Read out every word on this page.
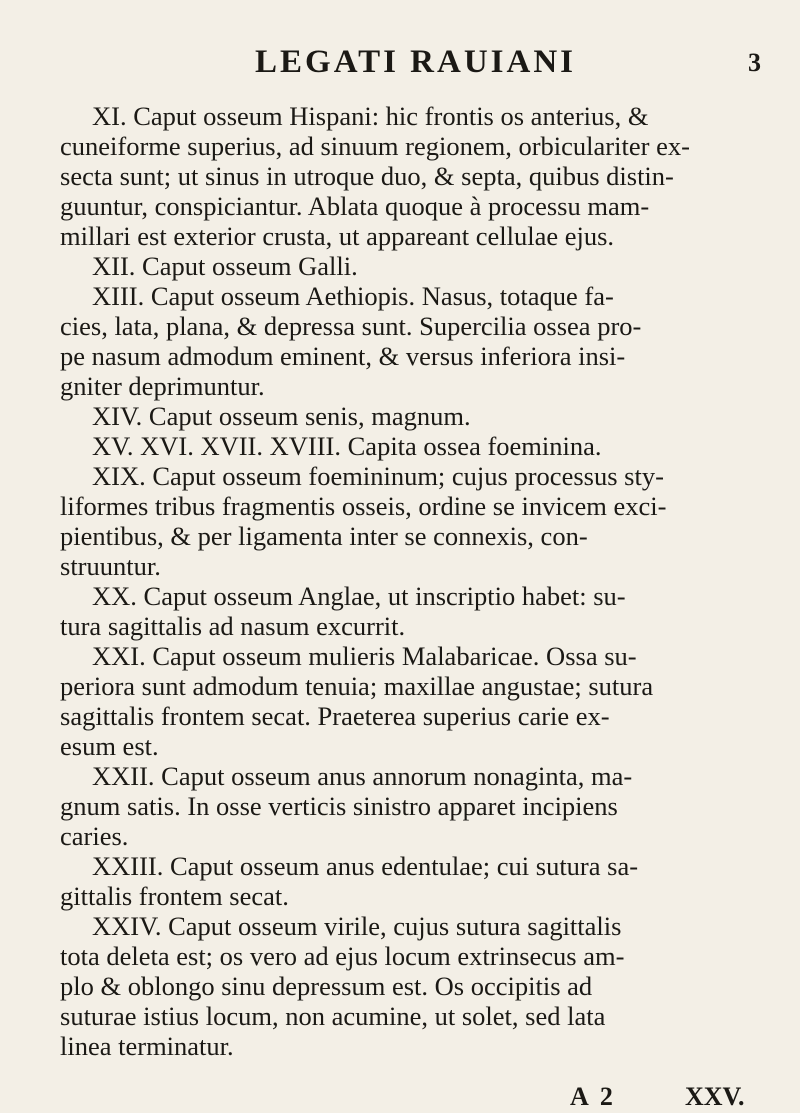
LEGATI RAUIANI	3
XI. Caput osseum Hispani: hic frontis os anterius, &
cuneiforme superius, ad sinuum regionem, orbiculariter ex-
secta sunt; ut sinus in utroque duo, & septa, quibus distin-
guuntur, conspiciantur. Ablata quoque à processu mam-
millari est exterior crusta, ut appareant cellulae ejus.
XII. Caput osseum Galli.
XIII. Caput osseum Aethiopis. Nasus, totaque fa-
cies, lata, plana, & depressa sunt. Supercilia ossea pro-
pe nasum admodum eminent, & versus inferiora insi-
gniter deprimuntur.
XIV. Caput osseum senis, magnum.
XV. XVI. XVII. XVIII. Capita ossea foeminina.
XIX. Caput osseum foemininum; cujus processus sty-
liformes tribus fragmentis osseis, ordine se invicem exci-
pientibus, & per ligamenta inter se connexis, con-
struuntur.
XX. Caput osseum Anglae, ut inscriptio habet: su-
tura sagittalis ad nasum excurrit.
XXI. Caput osseum mulieris Malabaricae. Ossa su-
periora sunt admodum tenuia; maxillae angustae; sutura
sagittalis frontem secat. Praeterea superius carie ex-
esum est.
XXII. Caput osseum anus annorum nonaginta, ma-
gnum satis. In osse verticis sinistro apparet incipiens
caries.
XXIII. Caput osseum anus edentulae; cui sutura sa-
gittalis frontem secat.
XXIV. Caput osseum virile, cujus sutura sagittalis
tota deleta est; os vero ad ejus locum extrinsecus am-
plo & oblongo sinu depressum est. Os occipitis ad
suturae istius locum, non acumine, ut solet, sed lata
linea terminatur.
A 2	XXV.
